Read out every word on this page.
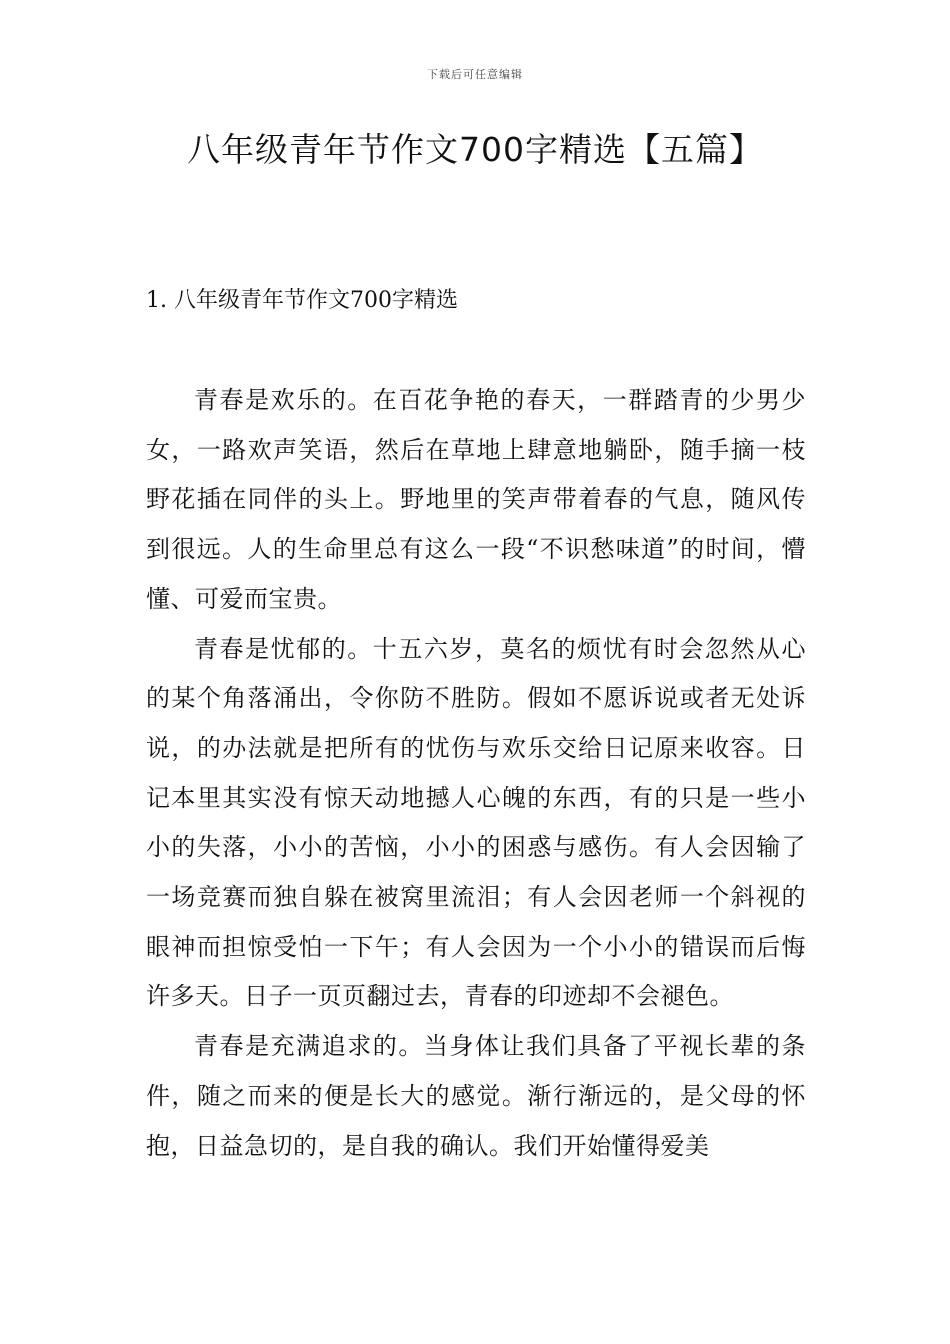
下载后可任意编辑
八年级青年节作文700字精选【五篇】
1. 八年级青年节作文700字精选

青春是欢乐的。在百花争艳的春天，一群踏青的少男少女，一路欢声笑语，然后在草地上肆意地躺卧，随手摘一枝野花插在同伴的头上。野地里的笑声带着春的气息，随风传到很远。人的生命里总有这么一段“不识愁味道”的时间，懵懂、可爱而宝贵。

青春是忧郁的。十五六岁，莫名的烦忧有时会忽然从心的某个角落涌出，令你防不胜防。假如不愿诉说或者无处诉说，的办法就是把所有的忧伤与欢乐交给日记原来收容。日记本里其实没有惊天动地撼人心魄的东西，有的只是一些小小的失落，小小的苦恼，小小的困惑与感伤。有人会因输了一场竞赛而独自躲在被窝里流泪；有人会因老师一个斜视的眼神而担惊受怕一下午；有人会因为一个小小的错误而后悔许多天。日子一页页翻过去，青春的印迹却不会褪色。

青春是充满追求的。当身体让我们具备了平视长辈的条件，随之而来的便是长大的感觉。渐行渐远的，是父母的怀抱，日益急切的，是自我的确认。我们开始懂得爱美
